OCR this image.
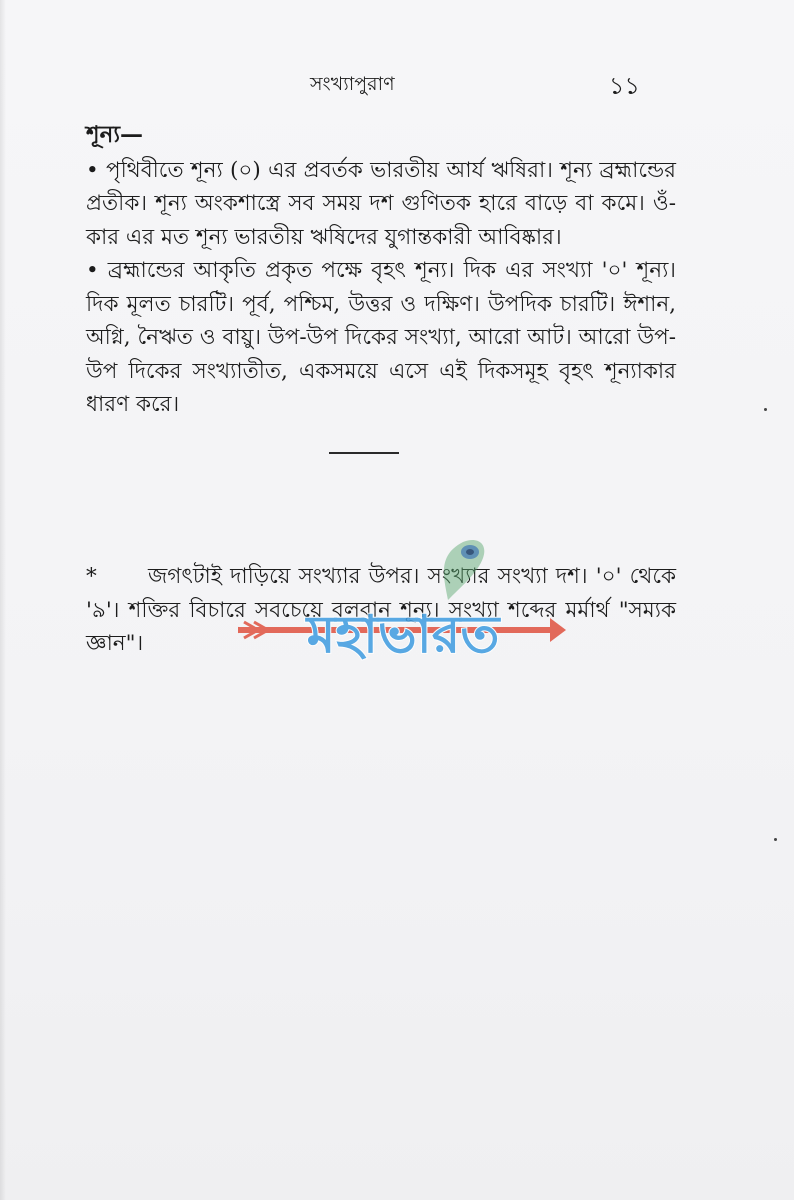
সংখ্যাপুরাণ	১১

শূন্য—

• পৃথিবীতে শূন্য (০) এর প্রবর্তক ভারতীয় আর্য ঋষিরা। শূন্য ব্রহ্মান্ডের প্রতীক। শূন্য অংকশাস্ত্রে সব সময় দশ গুণিতক হারে বাড়ে বা কমে। ওঁ-কার এর মত শূন্য ভারতীয় ঋষিদের যুগান্তকারী আবিষ্কার।

• ব্রহ্মান্ডের আকৃতি প্রকৃত পক্ষে বৃহৎ শূন্য। দিক এর সংখ্যা '০' শূন্য। দিক মূলত চারটি। পূর্ব, পশ্চিম, উত্তর ও দক্ষিণ। উপদিক চারটি। ঈশান, অগ্নি, নৈঋত ও বায়ু। উপ-উপ দিকের সংখ্যা, আরো আট। আরো উপ-উপ দিকের সংখ্যাতীত, একসময়ে এসে এই দিকসমূহ বৃহৎ শূন্যাকার ধারণ করে।

* জগৎটাই দাড়িয়ে সংখ্যার উপর। সংখ্যার সংখ্যা দশ। '০' থেকে '৯'। শক্তির বিচারে সবচেয়ে বলবান শূন্য। সংখ্যা শব্দের মর্মার্থ "সম্যক জ্ঞান"।	মহাভারত
